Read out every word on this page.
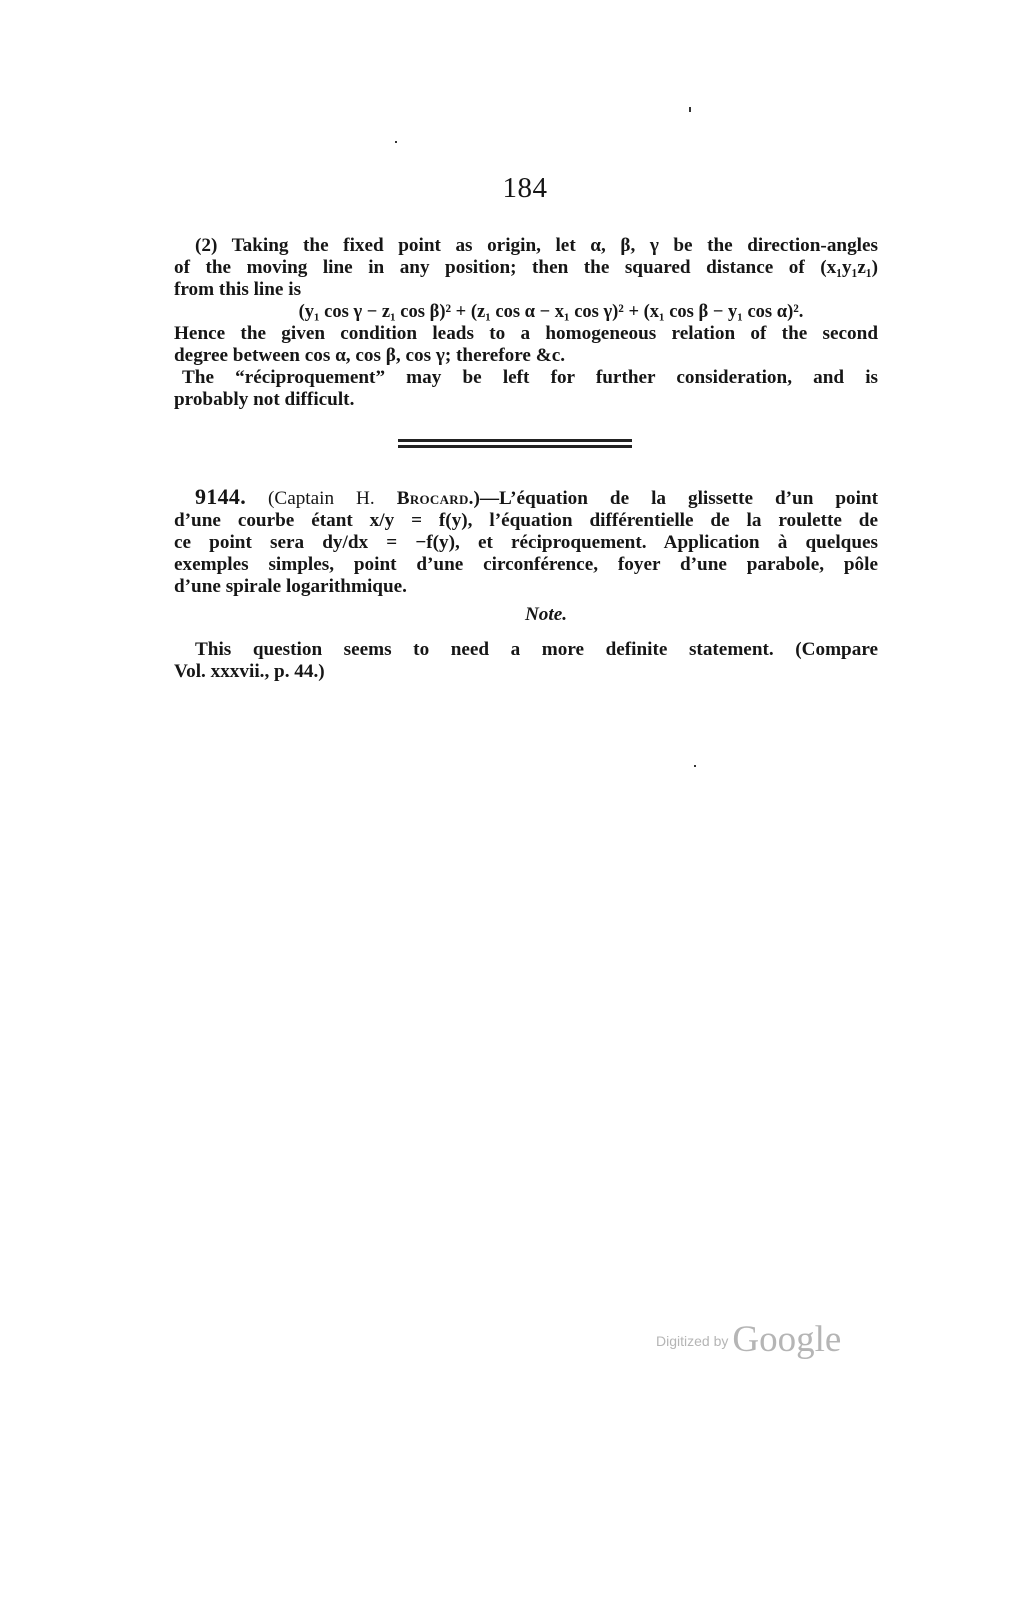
184
(2) Taking the fixed point as origin, let α, β, γ be the direction-angles
of the moving line in any position; then the squared distance of (x₁y₁z₁)
from this line is
(y₁ cos γ − z₁ cos β)² + (z₁ cos α − x₁ cos γ)² + (x₁ cos β − y₁ cos α)².
Hence the given condition leads to a homogeneous relation of the second
degree between cos α, cos β, cos γ; therefore &c.
The “réciproquement” may be left for further consideration, and is
probably not difficult.
9144. (Captain H. Brocard.)—L’équation de la glissette d’un point
d’une courbe étant x/y = f(y), l’équation différentielle de la roulette de
ce point sera dy/dx = −f(y), et réciproquement. Application à quelques
exemples simples, point d’une circonférence, foyer d’une parabole, pôle
d’une spirale logarithmique.
Note.
This question seems to need a more definite statement. (Compare
Vol. xxxvii., p. 44.)
Digitized by Google
